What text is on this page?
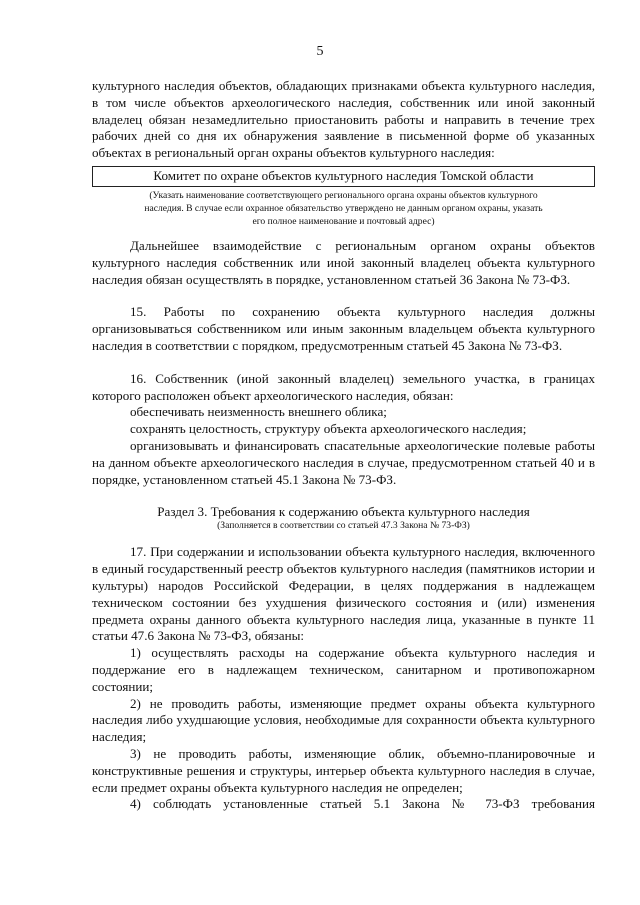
5

культурного наследия объектов, обладающих признаками объекта культурного наследия, в том числе объектов археологического наследия, собственник или иной законный владелец обязан незамедлительно приостановить работы и направить в течение трех рабочих дней со дня их обнаружения заявление в письменной форме об указанных объектах в региональный орган охраны объектов культурного наследия:

Комитет по охране объектов культурного наследия Томской области
(Указать наименование соответствующего регионального органа охраны объектов культурного наследия. В случае если охранное обязательство утверждено не данным органом охраны, указать его полное наименование и почтовый адрес)

Дальнейшее взаимодействие с региональным органом охраны объектов культурного наследия собственник или иной законный владелец объекта культурного наследия обязан осуществлять в порядке, установленном статьей 36 Закона № 73-ФЗ.

15. Работы по сохранению объекта культурного наследия должны организовываться собственником или иным законным владельцем объекта культурного наследия в соответствии с порядком, предусмотренным статьей 45 Закона № 73-ФЗ.

16. Собственник (иной законный владелец) земельного участка, в границах которого расположен объект археологического наследия, обязан:

обеспечивать неизменность внешнего облика;

сохранять целостность, структуру объекта археологического наследия;

организовывать и финансировать спасательные археологические полевые работы на данном объекте археологического наследия в случае, предусмотренном статьей 40 и в порядке, установленном статьей 45.1 Закона № 73-ФЗ.

Раздел 3. Требования к содержанию объекта культурного наследия
(Заполняется в соответствии со статьей 47.3 Закона № 73-ФЗ)

17. При содержании и использовании объекта культурного наследия, включенного в единый государственный реестр объектов культурного наследия (памятников истории и культуры) народов Российской Федерации, в целях поддержания в надлежащем техническом состоянии без ухудшения физического состояния и (или) изменения предмета охраны данного объекта культурного наследия лица, указанные в пункте 11 статьи 47.6 Закона № 73-ФЗ, обязаны:

1) осуществлять расходы на содержание объекта культурного наследия и поддержание его в надлежащем техническом, санитарном и противопожарном состоянии;

2) не проводить работы, изменяющие предмет охраны объекта культурного наследия либо ухудшающие условия, необходимые для сохранности объекта культурного наследия;

3) не проводить работы, изменяющие облик, объемно-планировочные и конструктивные решения и структуры, интерьер объекта культурного наследия в случае, если предмет охраны объекта культурного наследия не определен;

4) соблюдать установленные статьей 5.1 Закона № 73-ФЗ требования
